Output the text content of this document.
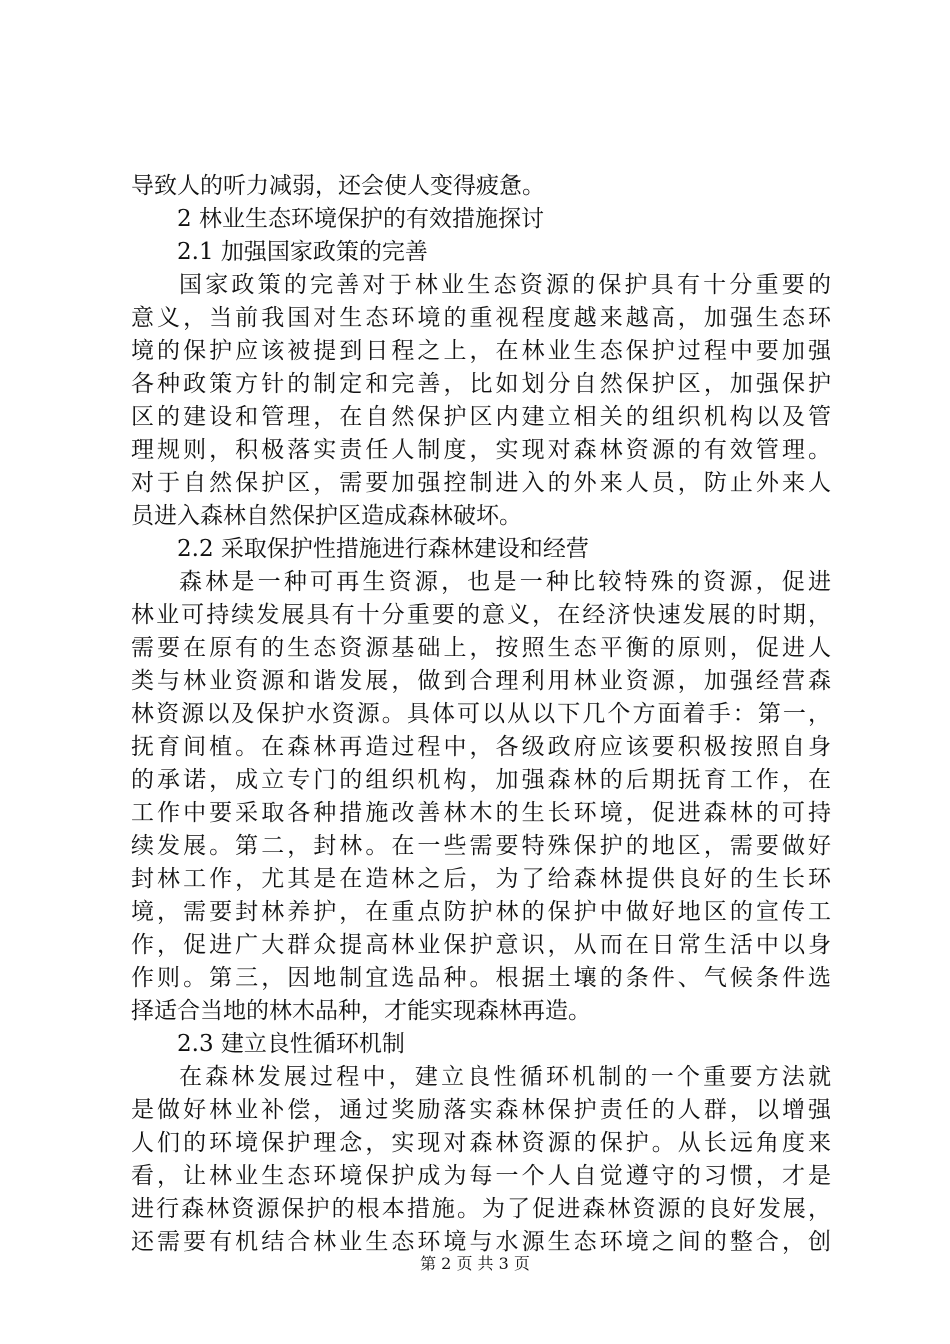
导致人的听力减弱，还会使人变得疲惫。
2 林业生态环境保护的有效措施探讨
2.1 加强国家政策的完善
国家政策的完善对于林业生态资源的保护具有十分重要的
意义，当前我国对生态环境的重视程度越来越高，加强生态环
境的保护应该被提到日程之上，在林业生态保护过程中要加强
各种政策方针的制定和完善，比如划分自然保护区，加强保护
区的建设和管理，在自然保护区内建立相关的组织机构以及管
理规则，积极落实责任人制度，实现对森林资源的有效管理。
对于自然保护区，需要加强控制进入的外来人员，防止外来人
员进入森林自然保护区造成森林破坏。
2.2 采取保护性措施进行森林建设和经营
森林是一种可再生资源，也是一种比较特殊的资源，促进
林业可持续发展具有十分重要的意义，在经济快速发展的时期，
需要在原有的生态资源基础上，按照生态平衡的原则，促进人
类与林业资源和谐发展，做到合理利用林业资源，加强经营森
林资源以及保护水资源。具体可以从以下几个方面着手：第一，
抚育间植。在森林再造过程中，各级政府应该要积极按照自身
的承诺，成立专门的组织机构，加强森林的后期抚育工作，在
工作中要采取各种措施改善林木的生长环境，促进森林的可持
续发展。第二，封林。在一些需要特殊保护的地区，需要做好
封林工作，尤其是在造林之后，为了给森林提供良好的生长环
境，需要封林养护，在重点防护林的保护中做好地区的宣传工
作，促进广大群众提高林业保护意识，从而在日常生活中以身
作则。第三，因地制宜选品种。根据土壤的条件、气候条件选
择适合当地的林木品种，才能实现森林再造。
2.3 建立良性循环机制
在森林发展过程中，建立良性循环机制的一个重要方法就
是做好林业补偿，通过奖励落实森林保护责任的人群，以增强
人们的环境保护理念，实现对森林资源的保护。从长远角度来
看，让林业生态环境保护成为每一个人自觉遵守的习惯，才是
进行森林资源保护的根本措施。为了促进森林资源的良好发展，
还需要有机结合林业生态环境与水源生态环境之间的整合，创
第 2 页 共 3 页
